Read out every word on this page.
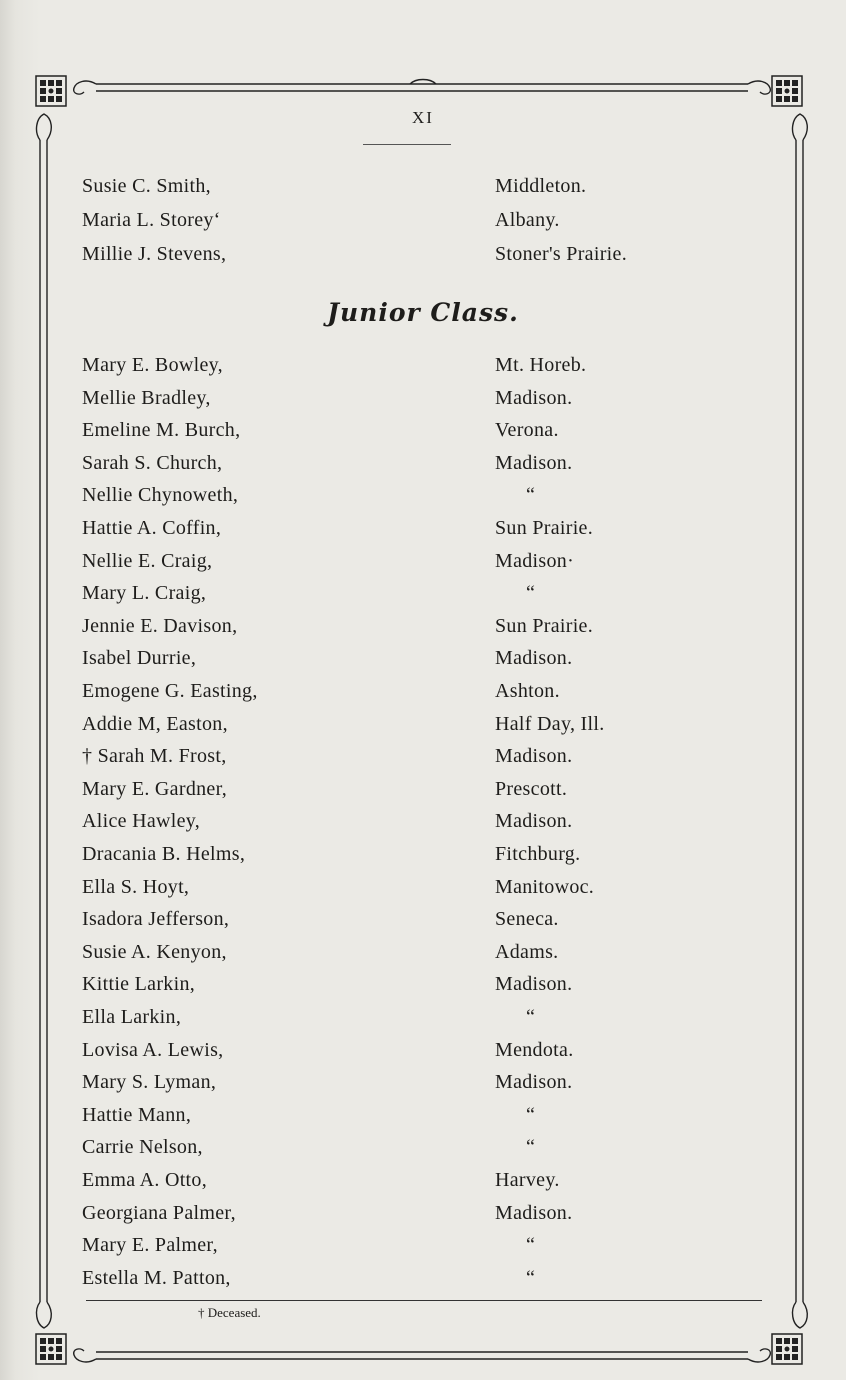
XI
Susie C. Smith,	Middleton.
Maria L. Storey‘	Albany.
Millie J. Stevens,	Stoner's Prairie.
Junior Class.
Mary E. Bowley,	Mt. Horeb.
Mellie Bradley,	Madison.
Emeline M. Burch,	Verona.
Sarah S. Church,	Madison.
Nellie Chynoweth,	“
Hattie A. Coffin,	Sun Prairie.
Nellie E. Craig,	Madison·
Mary L. Craig,	“
Jennie E. Davison,	Sun Prairie.
Isabel Durrie,	Madison.
Emogene G. Easting,	Ashton.
Addie M, Easton,	Half Day, Ill.
† Sarah M. Frost,	Madison.
Mary E. Gardner,	Prescott.
Alice Hawley,	Madison.
Dracania B. Helms,	Fitchburg.
Ella S. Hoyt,	Manitowoc.
Isadora Jefferson,	Seneca.
Susie A. Kenyon,	Adams.
Kittie Larkin,	Madison.
Ella Larkin,	“
Lovisa A. Lewis,	Mendota.
Mary S. Lyman,	Madison.
Hattie Mann,	“
Carrie Nelson,	“
Emma A. Otto,	Harvey.
Georgiana Palmer,	Madison.
Mary E. Palmer,	“
Estella M. Patton,	“
† Deceased.
